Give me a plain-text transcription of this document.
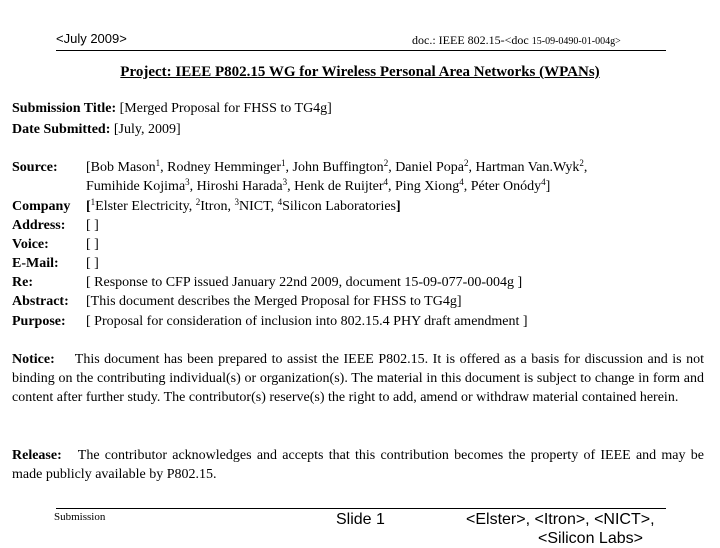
<July 2009>	doc.: IEEE 802.15-<doc 15-09-0490-01-004g>
Project: IEEE P802.15 WG for Wireless Personal Area Networks (WPANs)
Submission Title: [Merged Proposal for FHSS to TG4g]
Date Submitted: [July, 2009]
Source: [Bob Mason$^1$, Rodney Hemminger$^1$, John Buffington$^2$, Daniel Popa$^2$, Hartman Van.Wyk$^2$,
Fumihide Kojima$^3$, Hiroshi Harada$^3$, Henk de Ruijter$^4$, Ping Xiong$^4$, Péter Onódy$^4$]
Company [$^1$Elster Electricity, $^2$Itron, $^3$NICT, $^4$Silicon Laboratories]
Address: [ ]
Voice:	[ ]
E-Mail: [ ]
Re:	[ Response to CFP issued January 22nd 2009, document 15-09-077-00-004g ]
Abstract: [This document describes the Merged Proposal for FHSS to TG4g]
Purpose: [ Proposal for consideration of inclusion into 802.15.4 PHY draft amendment ]

Notice: This document has been prepared to assist the IEEE P802.15. It is offered as a basis for discussion and is not binding on the contributing individual(s) or organization(s). The material in this document is subject to change in form and content after further study. The contributor(s) reserve(s) the right to add, amend or withdraw material contained herein.

Release: The contributor acknowledges and accepts that this contribution becomes the property of IEEE and may be made publicly available by P802.15.

Submission	Slide 1	<Elster>, <Itron>, <NICT>,
<Silicon Labs>
